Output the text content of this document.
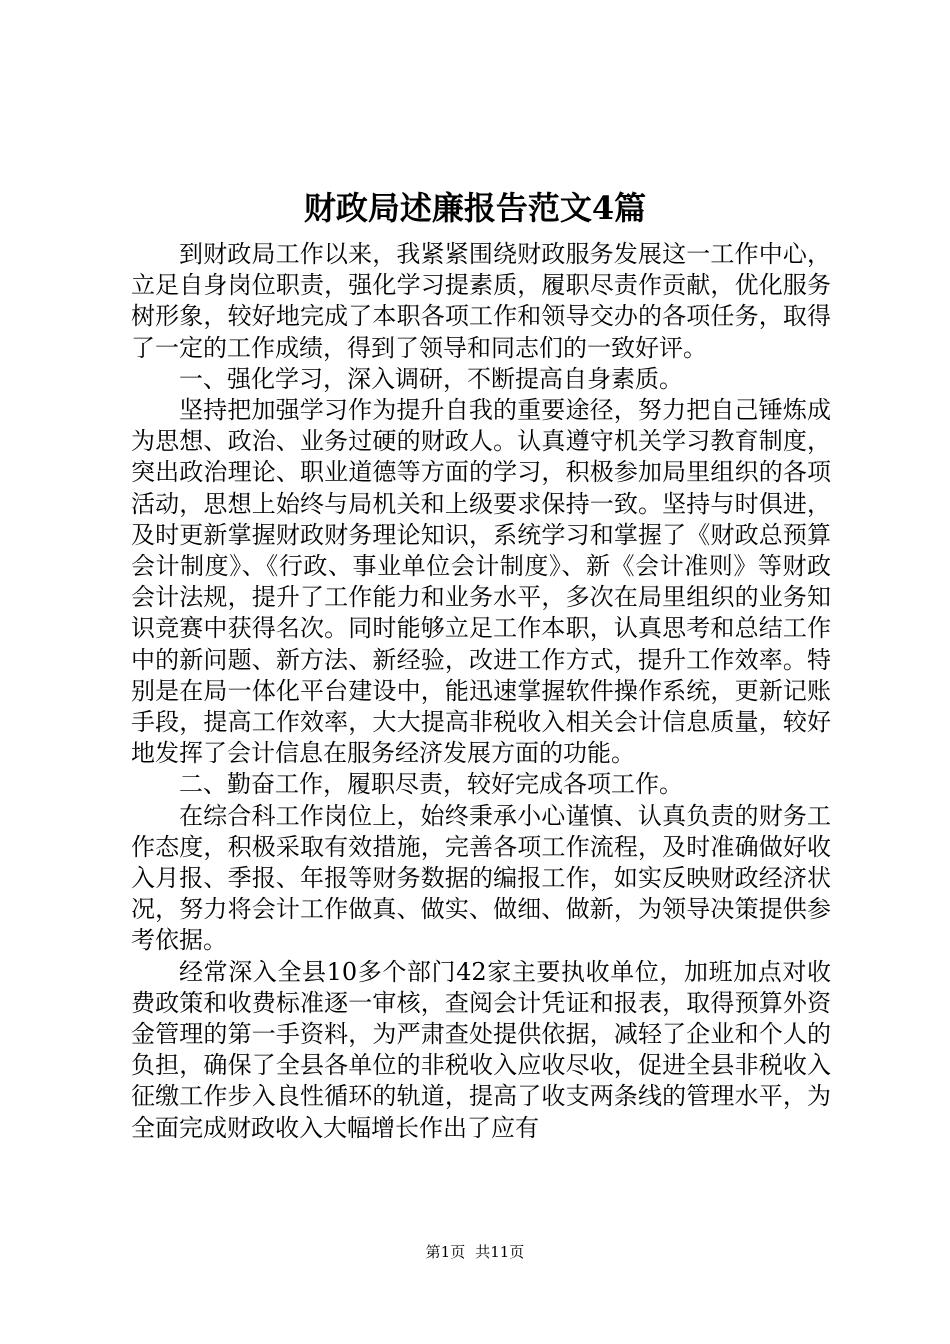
财政局述廉报告范文4篇

到财政局工作以来，我紧紧围绕财政服务发展这一工作中心，立足自身岗位职责，强化学习提素质，履职尽责作贡献，优化服务树形象，较好地完成了本职各项工作和领导交办的各项任务，取得了一定的工作成绩，得到了领导和同志们的一致好评。

一、强化学习，深入调研，不断提高自身素质。

坚持把加强学习作为提升自我的重要途径，努力把自己锤炼成为思想、政治、业务过硬的财政人。认真遵守机关学习教育制度，突出政治理论、职业道德等方面的学习，积极参加局里组织的各项活动，思想上始终与局机关和上级要求保持一致。坚持与时俱进，及时更新掌握财政财务理论知识，系统学习和掌握了《财政总预算会计制度》、《行政、事业单位会计制度》、新《会计准则》等财政会计法规，提升了工作能力和业务水平，多次在局里组织的业务知识竞赛中获得名次。同时能够立足工作本职，认真思考和总结工作中的新问题、新方法、新经验，改进工作方式，提升工作效率。特别是在局一体化平台建设中，能迅速掌握软件操作系统，更新记账手段，提高工作效率，大大提高非税收入相关会计信息质量，较好地发挥了会计信息在服务经济发展方面的功能。

二、勤奋工作，履职尽责，较好完成各项工作。

在综合科工作岗位上，始终秉承小心谨慎、认真负责的财务工作态度，积极采取有效措施，完善各项工作流程，及时准确做好收入月报、季报、年报等财务数据的编报工作，如实反映财政经济状况，努力将会计工作做真、做实、做细、做新，为领导决策提供参考依据。

经常深入全县10多个部门42家主要执收单位，加班加点对收费政策和收费标准逐一审核，查阅会计凭证和报表，取得预算外资金管理的第一手资料，为严肃查处提供依据，减轻了企业和个人的负担，确保了全县各单位的非税收入应收尽收，促进全县非税收入征缴工作步入良性循环的轨道，提高了收支两条线的管理水平，为全面完成财政收入大幅增长作出了应有

第1页 共11页
